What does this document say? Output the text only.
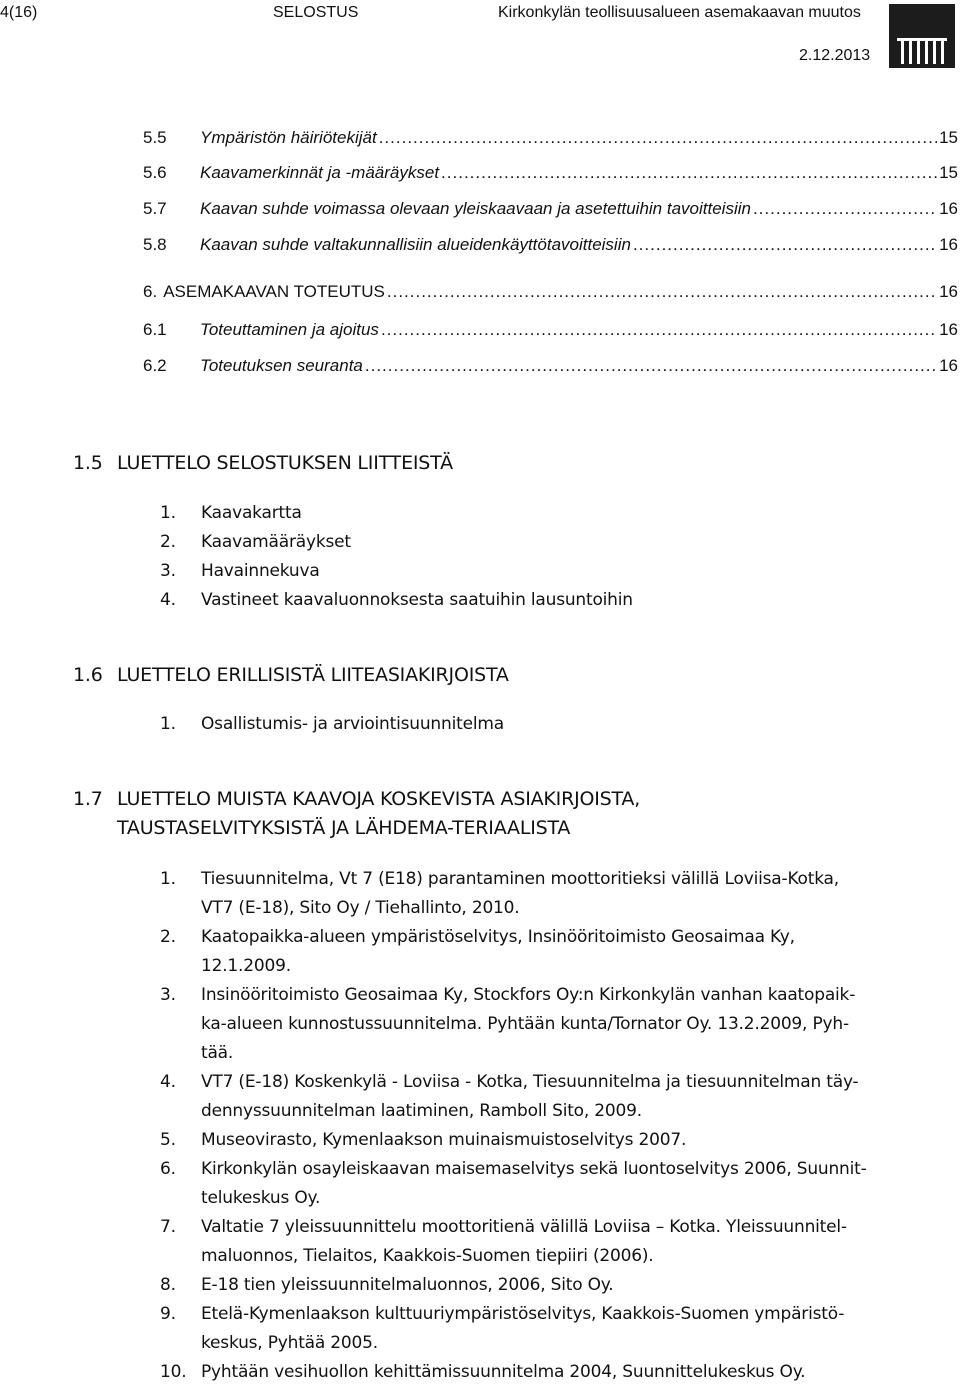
4(16)	SELOSTUS	Kirkonkylän teollisuusalueen asemakaavan muutos
2.12.2013
5.5	Ympäristön häiriötekijät .....	15
5.6	Kaavamerkinnät ja -määräykset .....	15
5.7	Kaavan suhde voimassa olevaan yleiskaavaan ja asetettuihin tavoitteisiin .....	16
5.8	Kaavan suhde valtakunnallisiin alueidenkäyttötavoitteisiin .....	16
6. ASEMAKAAVAN TOTEUTUS .....	16
6.1	Toteuttaminen ja ajoitus .....	16
6.2	Toteutuksen seuranta .....	16
1.5 LUETTELO SELOSTUKSEN LIITTEISTÄ
1. Kaavakartta
2. Kaavamääräykset
3. Havainnekuva
4. Vastineet kaavaluonnoksesta saatuihin lausuntoihin
1.6 LUETTELO ERILLISISTÄ LIITEASIAKIRJOISTA
1. Osallistumis- ja arviointisuunnitelma
1.7 LUETTELO MUISTA KAAVOJA KOSKEVISTA ASIAKIRJOISTA,
TAUSTASELVITYKSISTÄ JA LÄHDEMA-TERIAALISTA
1.	Tiesuunnitelma, Vt 7 (E18) parantaminen moottoritieksi välillä Loviisa-Kotka,
VT7 (E-18), Sito Oy / Tiehallinto, 2010.
2.	Kaatopaikka-alueen ympäristöselvitys, Insinööritoimisto Geosaimaa Ky,
12.1.2009.
3.	Insinööritoimisto Geosaimaa Ky, Stockfors Oy:n Kirkonkylän vanhan kaatopaik-
ka-alueen kunnostussuunnitelma. Pyhtään kunta/Tornator Oy. 13.2.2009, Pyh-
tää.
4.	VT7 (E-18) Koskenkylä - Loviisa - Kotka, Tiesuunnitelma ja tiesuunnitelman täy-
dennyssuunnitelman laatiminen, Ramboll Sito, 2009.
5.	Museovirasto, Kymenlaakson muinaismuistoselvitys 2007.
6.	Kirkonkylän osayleiskaavan maisemaselvitys sekä luontoselvitys 2006, Suunnit-
telukeskus Oy.
7.	Valtatie 7 yleissuunnittelu moottoritienä välillä Loviisa – Kotka. Yleissuunnitel-
maluonnos, Tielaitos, Kaakkois-Suomen tiepiiri (2006).
8.	E-18 tien yleissuunnitelmaluonnos, 2006, Sito Oy.
9.	Etelä-Kymenlaakson kulttuuriympäristöselvitys, Kaakkois-Suomen ympäristö-
keskus, Pyhtää 2005.
10. Pyhtään vesihuollon kehittämissuunnitelma 2004, Suunnittelukeskus Oy.
